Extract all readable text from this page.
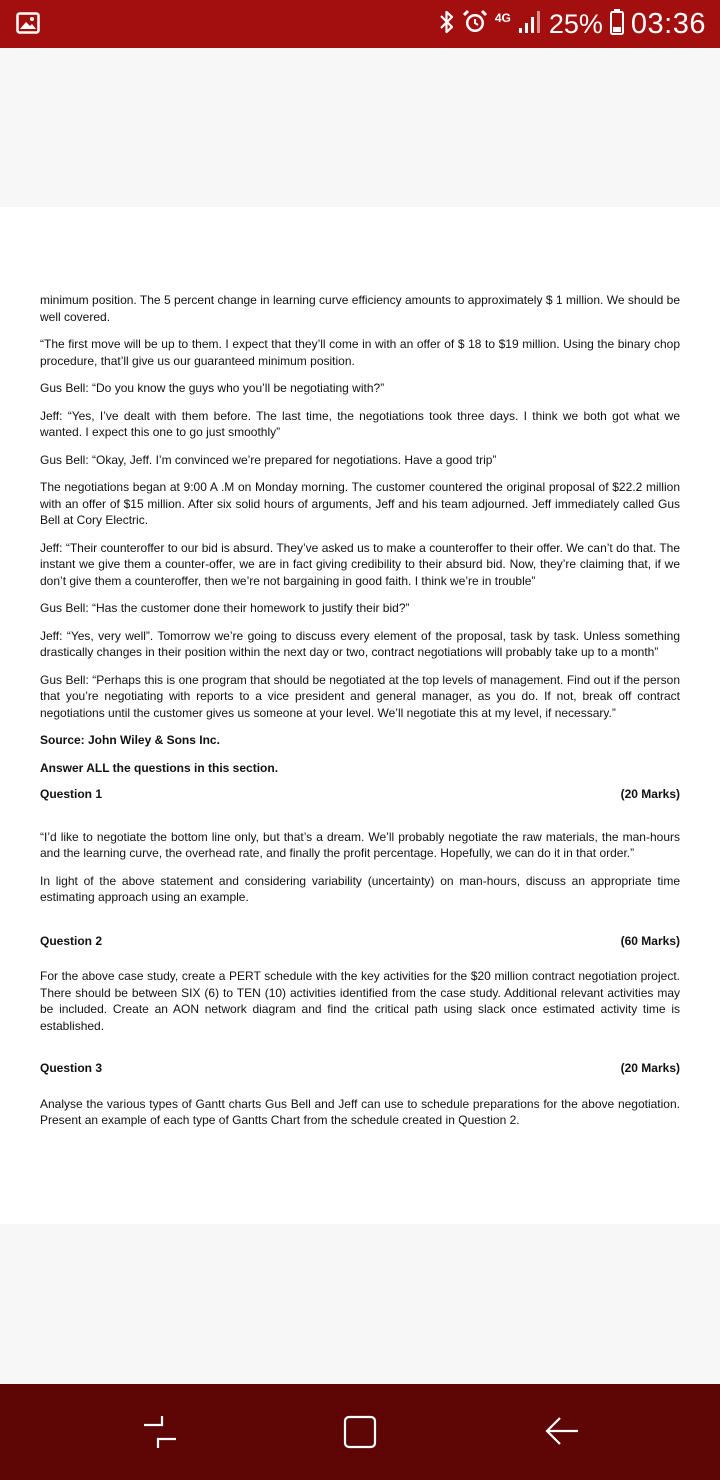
4G 25% 03:36

minimum position. The 5 percent change in learning curve efficiency amounts to approximately $ 1 million. We should be well covered.

“The first move will be up to them. I expect that they’ll come in with an offer of $ 18 to $19 million. Using the binary chop procedure, that’ll give us our guaranteed minimum position.

Gus Bell: “Do you know the guys who you’ll be negotiating with?”

Jeff: “Yes, I’ve dealt with them before. The last time, the negotiations took three days. I think we both got what we wanted. I expect this one to go just smoothly”

Gus Bell: “Okay, Jeff. I’m convinced we’re prepared for negotiations. Have a good trip”

The negotiations began at 9:00 A .M on Monday morning. The customer countered the original proposal of $22.2 million with an offer of $15 million. After six solid hours of arguments, Jeff and his team adjourned. Jeff immediately called Gus Bell at Cory Electric.

Jeff: “Their counteroffer to our bid is absurd. They’ve asked us to make a counteroffer to their offer. We can’t do that. The instant we give them a counter-offer, we are in fact giving credibility to their absurd bid. Now, they’re claiming that, if we don’t give them a counteroffer, then we’re not bargaining in good faith. I think we’re in trouble”

Gus Bell: “Has the customer done their homework to justify their bid?”

Jeff: “Yes, very well”. Tomorrow we’re going to discuss every element of the proposal, task by task. Unless something drastically changes in their position within the next day or two, contract negotiations will probably take up to a month”

Gus Bell: “Perhaps this is one program that should be negotiated at the top levels of management. Find out if the person that you’re negotiating with reports to a vice president and general manager, as you do. If not, break off contract negotiations until the customer gives us someone at your level. We’ll negotiate this at my level, if necessary.”

Source: John Wiley & Sons Inc.

Answer ALL the questions in this section.

Question 1	(20 Marks)

“I’d like to negotiate the bottom line only, but that’s a dream. We’ll probably negotiate the raw materials, the man-hours and the learning curve, the overhead rate, and finally the profit percentage. Hopefully, we can do it in that order.”

In light of the above statement and considering variability (uncertainty) on man-hours, discuss an appropriate time estimating approach using an example.

Question 2	(60 Marks)

For the above case study, create a PERT schedule with the key activities for the $20 million contract negotiation project. There should be between SIX (6) to TEN (10) activities identified from the case study. Additional relevant activities may be included. Create an AON network diagram and find the critical path using slack once estimated activity time is established.

Question 3	(20 Marks)

Analyse the various types of Gantt charts Gus Bell and Jeff can use to schedule preparations for the above negotiation. Present an example of each type of Gantts Chart from the schedule created in Question 2.
